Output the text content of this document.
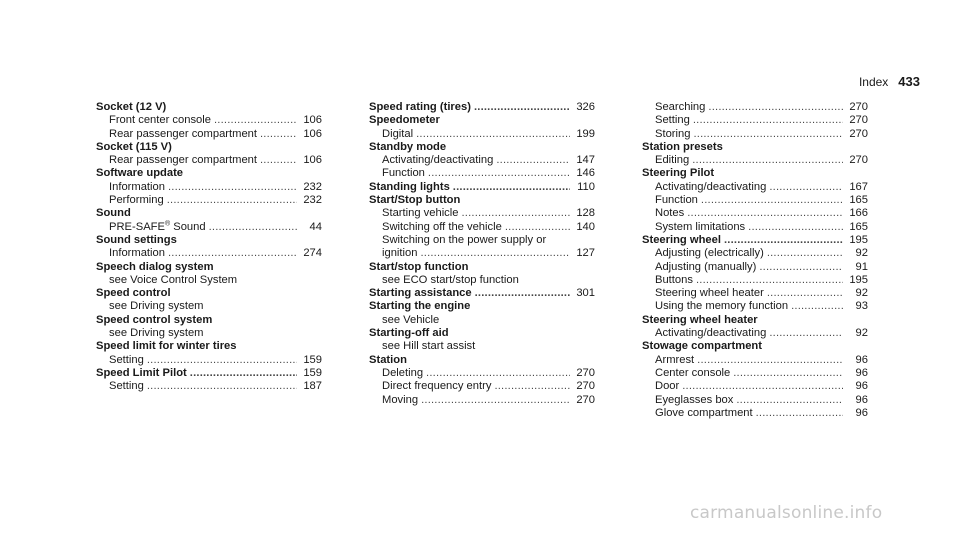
Index 433
Socket (12 V)
Front center console .....	106
Rear passenger compartment .....	106
Socket (115 V)
Rear passenger compartment .....	106
Software update
Information .....	232
Performing .....	232
Sound
PRE-SAFE® Sound .....	44
Sound settings
Information .....	274
Speech dialog system
see Voice Control System
Speed control
see Driving system
Speed control system
see Driving system
Speed limit for winter tires
Setting .....	159
Speed Limit Pilot .....	159
Setting .....	187
Speed rating (tires) .....	326
Speedometer
Digital .....	199
Standby mode
Activating/deactivating .....	147
Function .....	146
Standing lights .....	110
Start/Stop button
Starting vehicle .....	128
Switching off the vehicle .....	140
Switching on the power supply or
ignition .....	127
Start/stop function
see ECO start/stop function
Starting assistance .....	301
Starting the engine
see Vehicle
Starting-off aid
see Hill start assist
Station
Deleting .....	270
Direct frequency entry .....	270
Moving .....	270
Searching .....	270
Setting .....	270
Storing .....	270
Station presets
Editing .....	270
Steering Pilot
Activating/deactivating .....	167
Function .....	165
Notes .....	166
System limitations .....	165
Steering wheel .....	195
Adjusting (electrically) .....	92
Adjusting (manually) .....	91
Buttons .....	195
Steering wheel heater .....	92
Using the memory function .....	93
Steering wheel heater
Activating/deactivating .....	92
Stowage compartment
Armrest .....	96
Center console .....	96
Door .....	96
Eyeglasses box .....	96
Glove compartment .....	96
carmanualsonline.info
